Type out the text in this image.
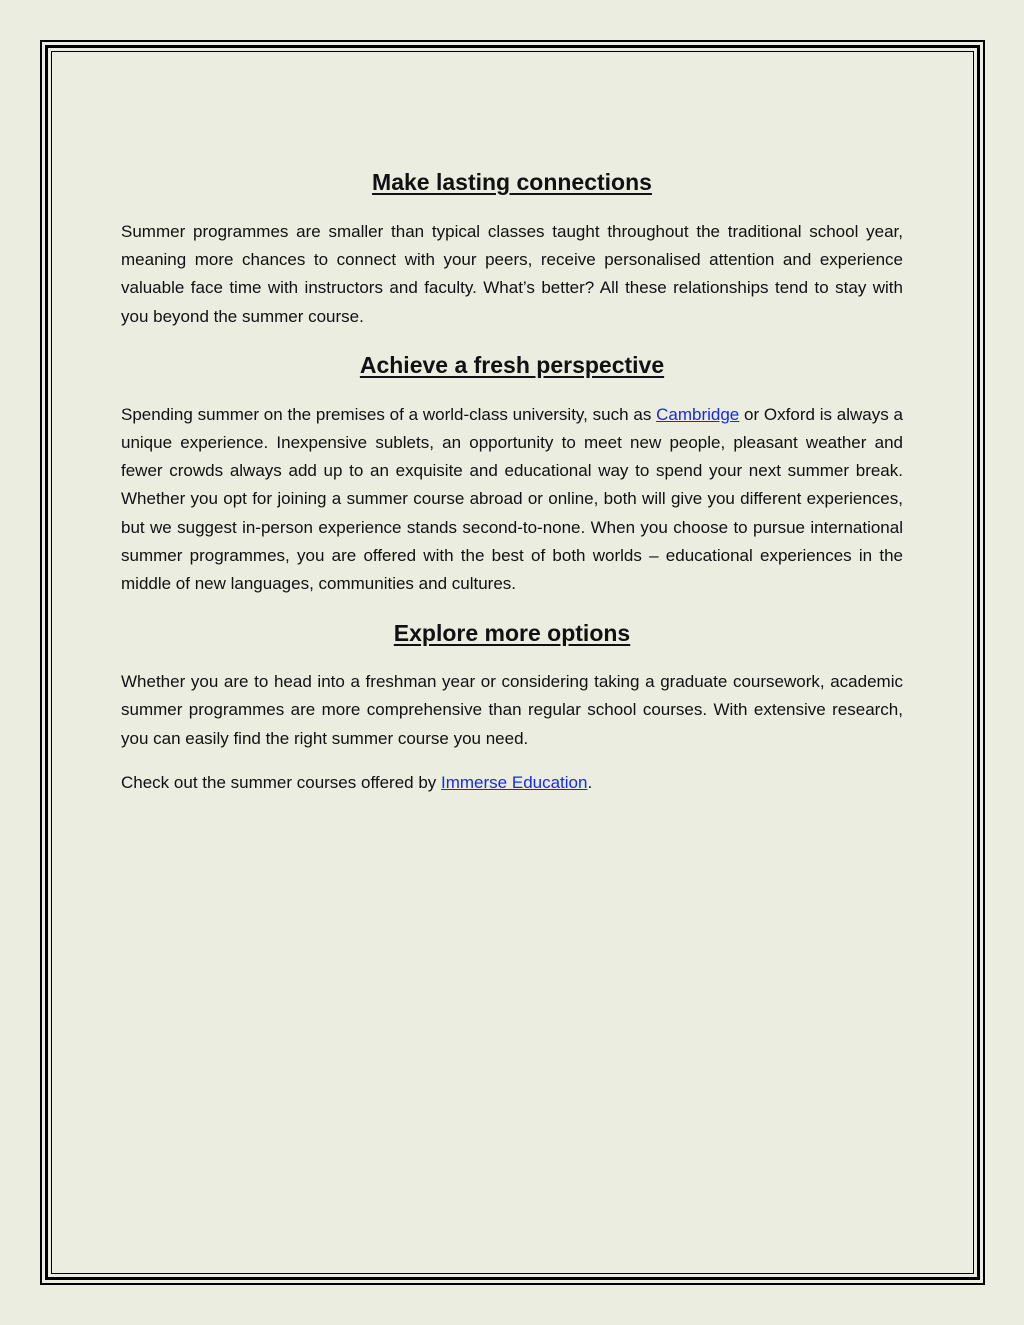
Make lasting connections

Summer programmes are smaller than typical classes taught throughout the traditional school year, meaning more chances to connect with your peers, receive personalised attention and experience valuable face time with instructors and faculty. What’s better? All these relationships tend to stay with you beyond the summer course.

Achieve a fresh perspective

Spending summer on the premises of a world-class university, such as Cambridge or Oxford is always a unique experience. Inexpensive sublets, an opportunity to meet new people, pleasant weather and fewer crowds always add up to an exquisite and educational way to spend your next summer break. Whether you opt for joining a summer course abroad or online, both will give you different experiences, but we suggest in-person experience stands second-to-none. When you choose to pursue international summer programmes, you are offered with the best of both worlds – educational experiences in the middle of new languages, communities and cultures.

Explore more options

Whether you are to head into a freshman year or considering taking a graduate coursework, academic summer programmes are more comprehensive than regular school courses. With extensive research, you can easily find the right summer course you need.

Check out the summer courses offered by Immerse Education.
